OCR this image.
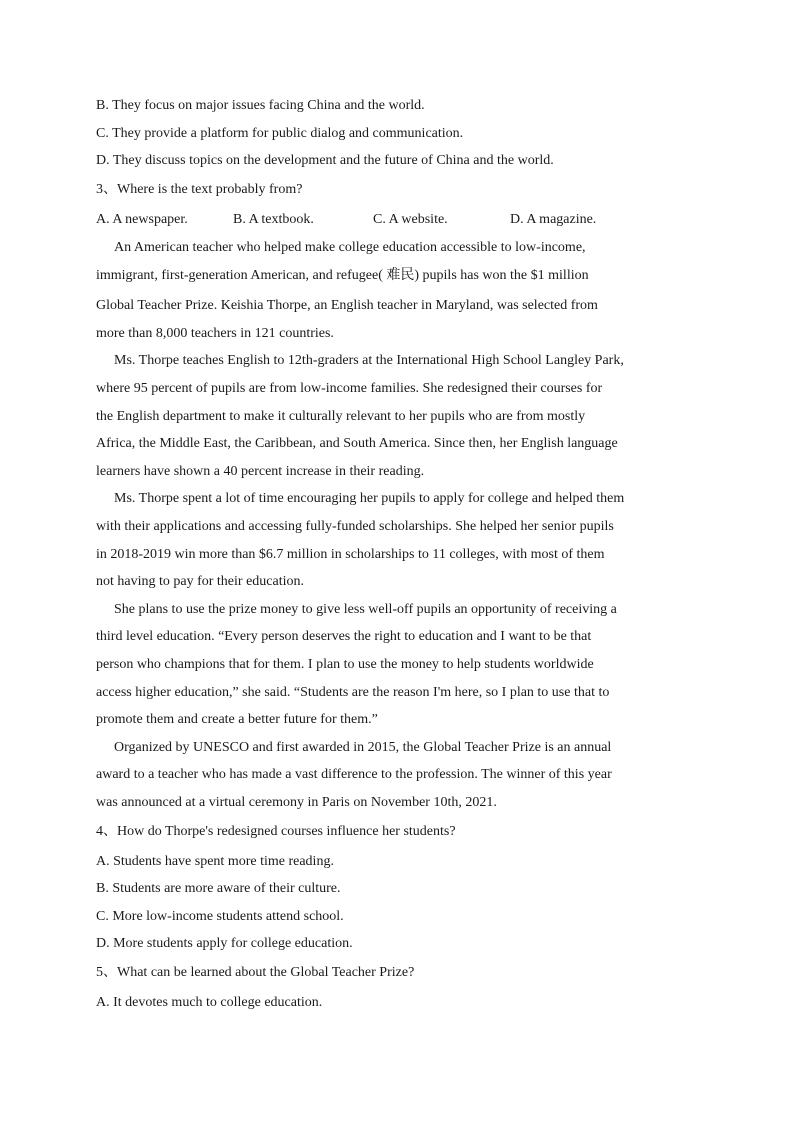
B. They focus on major issues facing China and the world.
C. They provide a platform for public dialog and communication.
D. They discuss topics on the development and the future of China and the world.
3、Where is the text probably from?
A. A newspaper.	B. A textbook.	C. A website.	D. A magazine.
An American teacher who helped make college education accessible to low-income,
immigrant, first-generation American, and refugee( 难民) pupils has won the $1 million
Global Teacher Prize. Keishia Thorpe, an English teacher in Maryland, was selected from
more than 8,000 teachers in 121 countries.
Ms. Thorpe teaches English to 12th-graders at the International High School Langley Park,
where 95 percent of pupils are from low-income families. She redesigned their courses for
the English department to make it culturally relevant to her pupils who are from mostly
Africa, the Middle East, the Caribbean, and South America. Since then, her English language
learners have shown a 40 percent increase in their reading.
Ms. Thorpe spent a lot of time encouraging her pupils to apply for college and helped them
with their applications and accessing fully-funded scholarships. She helped her senior pupils
in 2018-2019 win more than $6.7 million in scholarships to 11 colleges, with most of them
not having to pay for their education.
She plans to use the prize money to give less well-off pupils an opportunity of receiving a
third level education. “Every person deserves the right to education and I want to be that
person who champions that for them. I plan to use the money to help students worldwide
access higher education,” she said. “Students are the reason I'm here, so I plan to use that to
promote them and create a better future for them.”
Organized by UNESCO and first awarded in 2015, the Global Teacher Prize is an annual
award to a teacher who has made a vast difference to the profession. The winner of this year
was announced at a virtual ceremony in Paris on November 10th, 2021.
4、How do Thorpe's redesigned courses influence her students?
A. Students have spent more time reading.
B. Students are more aware of their culture.
C. More low-income students attend school.
D. More students apply for college education.
5、What can be learned about the Global Teacher Prize?
A. It devotes much to college education.
